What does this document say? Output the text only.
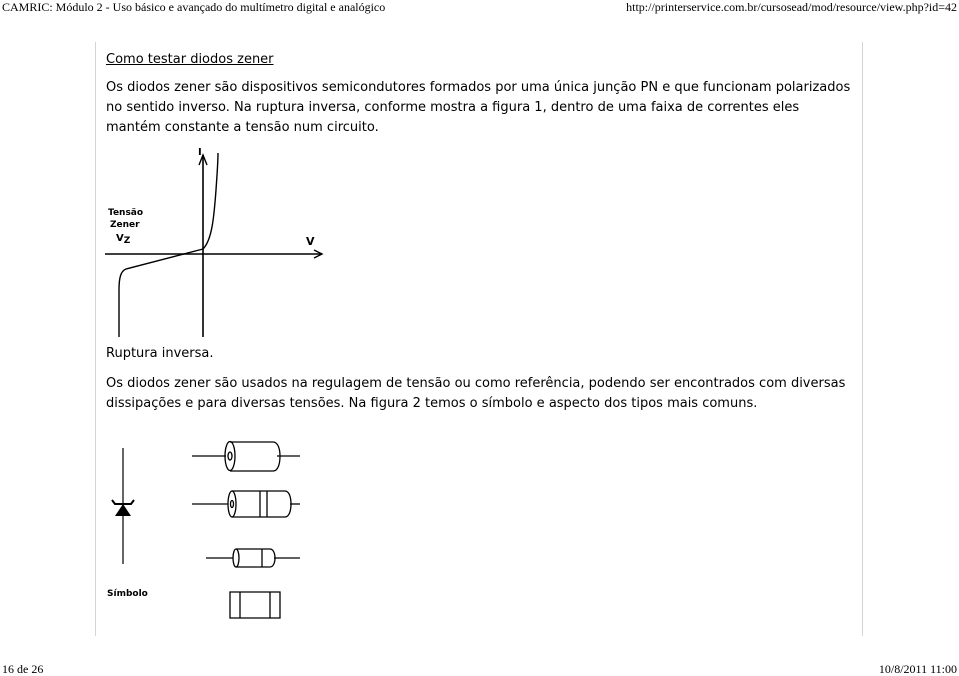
CAMRIC: Módulo 2 - Uso básico e avançado do multímetro digital e analógico	http://printerservice.com.br/cursosead/mod/resource/view.php?id=42
Como testar diodos zener
Os diodos zener são dispositivos semicondutores formados por uma única junção PN e que funcionam polarizados no sentido inverso. Na ruptura inversa, conforme mostra a figura 1, dentro de uma faixa de correntes eles mantém constante a tensão num circuito.
I
V
Tensão
Zener
VZ
Ruptura inversa.
Os diodos zener são usados na regulagem de tensão ou como referência, podendo ser encontrados com diversas dissipações e para diversas tensões. Na figura 2 temos o símbolo e aspecto dos tipos mais comuns.
Símbolo
16 de 26	10/8/2011 11:00
